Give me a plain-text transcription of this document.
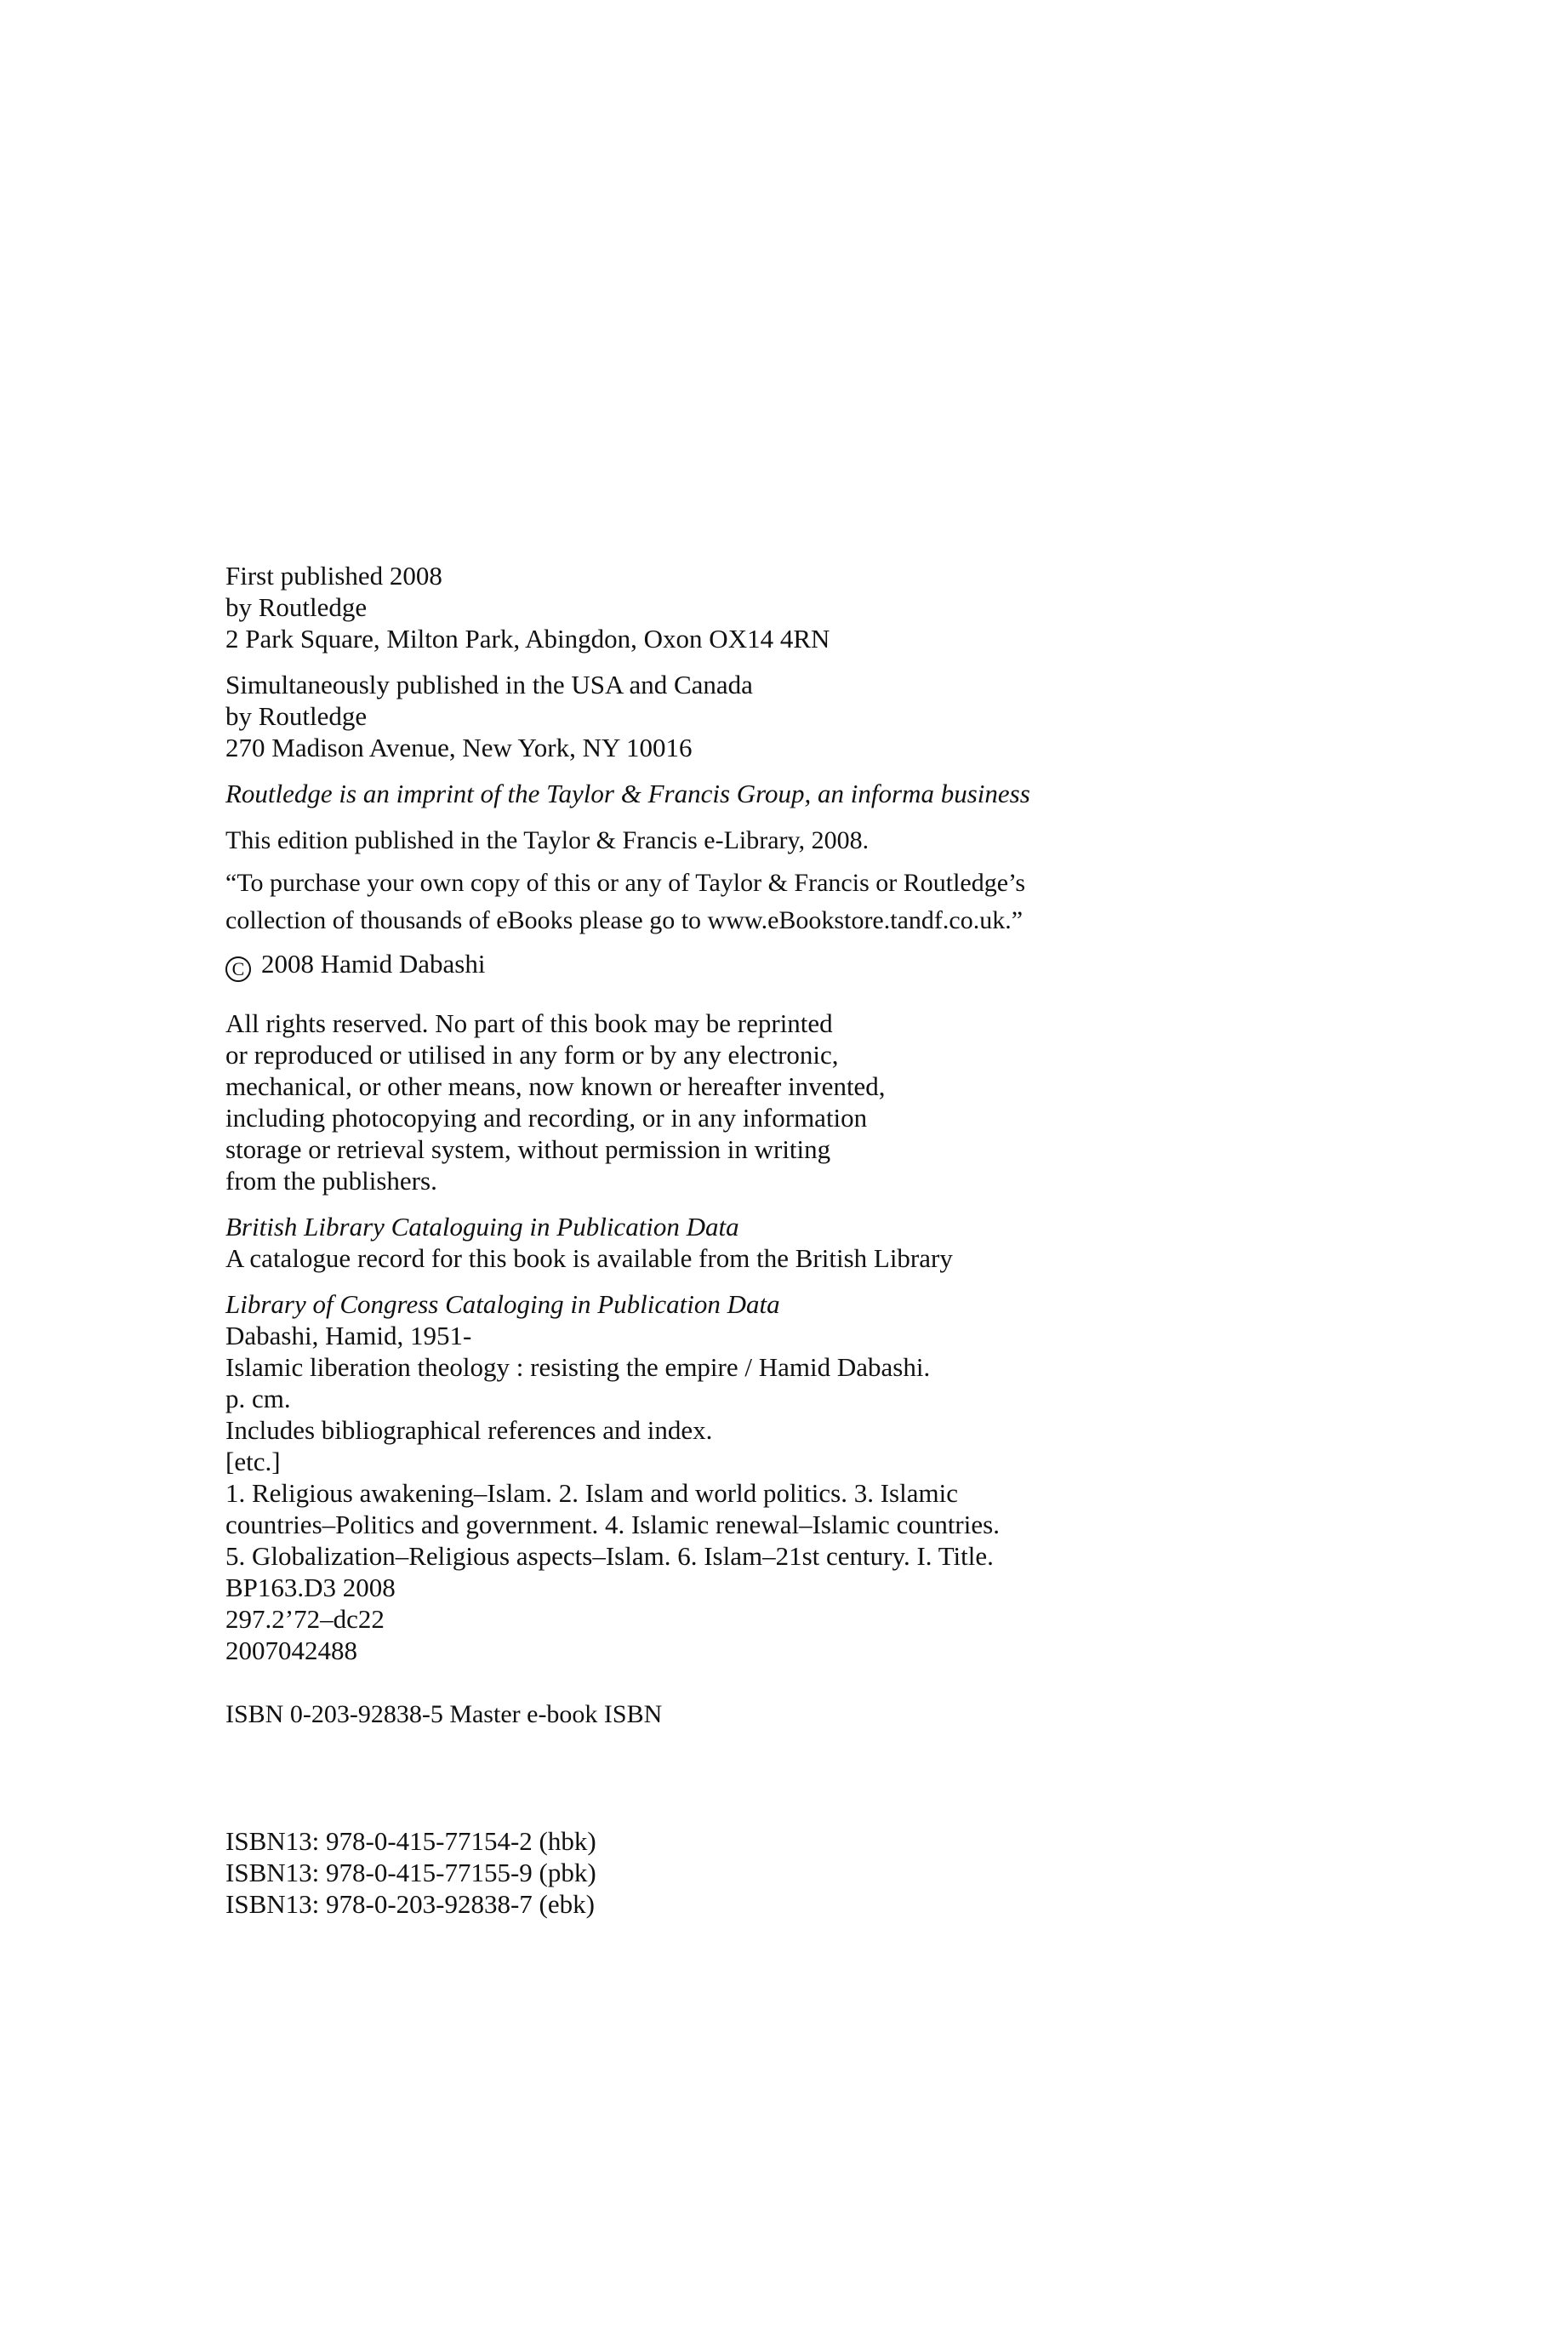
First published 2008
by Routledge
2 Park Square, Milton Park, Abingdon, Oxon OX14 4RN
Simultaneously published in the USA and Canada
by Routledge
270 Madison Avenue, New York, NY 10016
Routledge is an imprint of the Taylor & Francis Group, an informa business
This edition published in the Taylor & Francis e-Library, 2008.
“To purchase your own copy of this or any of Taylor & Francis or Routledge’s
collection of thousands of eBooks please go to www.eBookstore.tandf.co.uk.”
C 2008 Hamid Dabashi
All rights reserved. No part of this book may be reprinted
or reproduced or utilised in any form or by any electronic,
mechanical, or other means, now known or hereafter invented,
including photocopying and recording, or in any information
storage or retrieval system, without permission in writing
from the publishers.
British Library Cataloguing in Publication Data
A catalogue record for this book is available from the British Library
Library of Congress Cataloging in Publication Data
Dabashi, Hamid, 1951-
Islamic liberation theology : resisting the empire / Hamid Dabashi.
p. cm.
Includes bibliographical references and index.
[etc.]
1. Religious awakening–Islam. 2. Islam and world politics. 3. Islamic
countries–Politics and government. 4. Islamic renewal–Islamic countries.
5. Globalization–Religious aspects–Islam. 6. Islam–21st century. I. Title.
BP163.D3 2008
297.2’72–dc22
2007042488
ISBN 0-203-92838-5 Master e-book ISBN
ISBN13: 978-0-415-77154-2 (hbk)
ISBN13: 978-0-415-77155-9 (pbk)
ISBN13: 978-0-203-92838-7 (ebk)
